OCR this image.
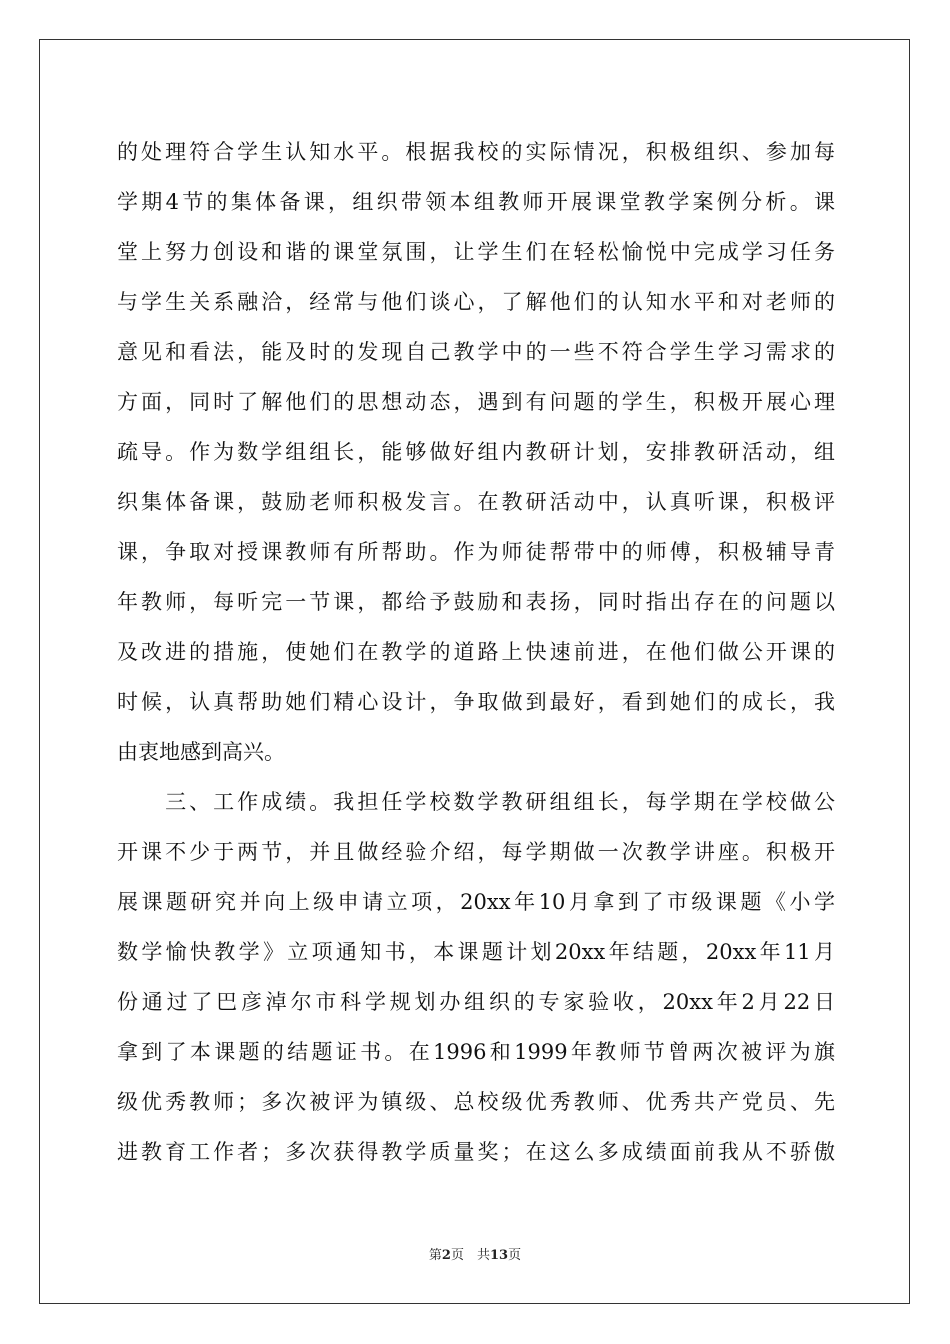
的处理符合学生认知水平。根据我校的实际情况，积极组织、参加每
学期4节的集体备课，组织带领本组教师开展课堂教学案例分析。课
堂上努力创设和谐的课堂氛围，让学生们在轻松愉悦中完成学习任务
与学生关系融洽，经常与他们谈心，了解他们的认知水平和对老师的
意见和看法，能及时的发现自己教学中的一些不符合学生学习需求的
方面，同时了解他们的思想动态，遇到有问题的学生，积极开展心理
疏导。作为数学组组长，能够做好组内教研计划，安排教研活动，组
织集体备课，鼓励老师积极发言。在教研活动中，认真听课，积极评
课，争取对授课教师有所帮助。作为师徒帮带中的师傅，积极辅导青
年教师，每听完一节课，都给予鼓励和表扬，同时指出存在的问题以
及改进的措施，使她们在教学的道路上快速前进，在他们做公开课的
时候，认真帮助她们精心设计，争取做到最好，看到她们的成长，我
由衷地感到高兴。
　　三、工作成绩。我担任学校数学教研组组长，每学期在学校做公
开课不少于两节，并且做经验介绍，每学期做一次教学讲座。积极开
展课题研究并向上级申请立项，20xx年10月拿到了市级课题《小学
数学愉快教学》立项通知书，本课题计划20xx年结题，20xx年11月
份通过了巴彦淖尔市科学规划办组织的专家验收，20xx年2月22日
拿到了本课题的结题证书。在1996和1999年教师节曾两次被评为旗
级优秀教师；多次被评为镇级、总校级优秀教师、优秀共产党员、先
进教育工作者；多次获得教学质量奖；在这么多成绩面前我从不骄傲
第2页　共13页
